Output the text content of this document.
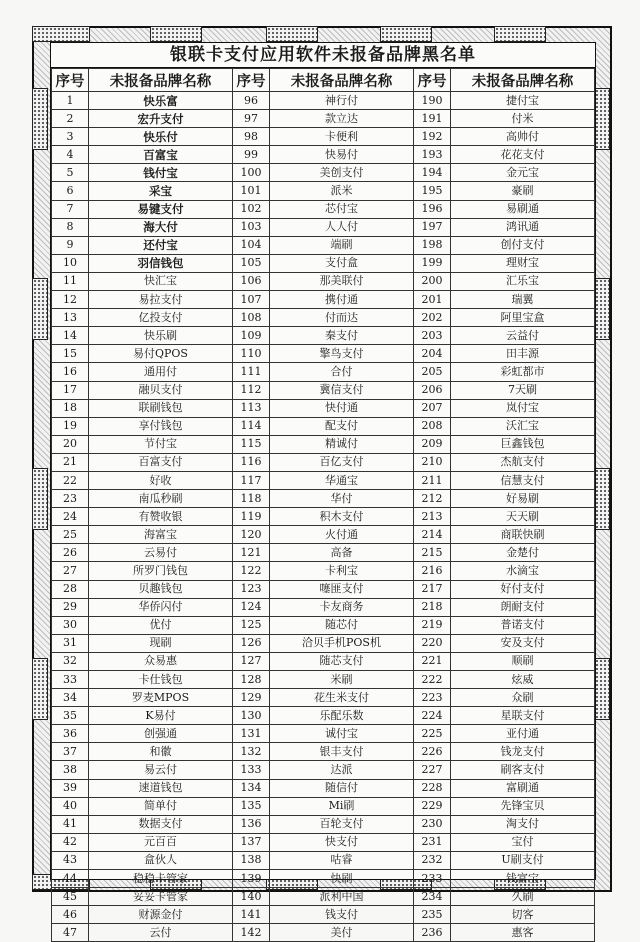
银联卡支付应用软件未报备品牌黑名单
序号	未报备品牌名称	序号	未报备品牌名称	序号	未报备品牌名称
1	快乐富	96	神行付	190	捷付宝
2	宏升支付	97	款立达	191	付米
3	快乐付	98	卡便利	192	高帅付
4	百富宝	99	快易付	193	花花支付
5	钱付宝	100	美创支付	194	金元宝
6	采宝	101	派米	195	豪刷
7	易键支付	102	芯付宝	196	易刷通
8	海大付	103	人人付	197	鸿讯通
9	还付宝	104	端刷	198	创付支付
10	羽信钱包	105	支付盒	199	理财宝
11	快汇宝	106	那美联付	200	汇乐宝
12	易拉支付	107	携付通	201	瑞翼
13	亿投支付	108	付而达	202	阿里宝盒
14	快乐刷	109	秦支付	203	云益付
15	易付QPOS	110	擎鸟支付	204	田丰源
16	通用付	111	合付	205	彩虹都市
17	融贝支付	112	冀信支付	206	7天刷
18	联刷钱包	113	快付通	207	岚付宝
19	享付钱包	114	配支付	208	沃汇宝
20	节付宝	115	精诚付	209	巨鑫钱包
21	百富支付	116	百亿支付	210	杰航支付
22	好收	117	华通宝	211	信慧支付
23	南瓜秒刷	118	华付	212	好易刷
24	有赞收银	119	积木支付	213	天天刷
25	海富宝	120	火付通	214	商联快刷
26	云易付	121	高备	215	金楚付
27	所罗门钱包	122	卡利宝	216	水滴宝
28	贝趣钱包	123	噻匪支付	217	好付支付
29	华侨闪付	124	卡友商务	218	朗耐支付
30	优付	125	随芯付	219	普诺支付
31	现刷	126	洽贝手机POS机	220	安及支付
32	众易惠	127	随芯支付	221	顺刷
33	卡仕钱包	128	米刷	222	炫威
34	罗麦MPOS	129	花生米支付	223	众刷
35	K易付	130	乐配乐数	224	星联支付
36	创强通	131	诚付宝	225	亚付通
37	和徽	132	银丰支付	226	钱龙支付
38	易云付	133	达派	227	刷客支付
39	速道钱包	134	随信付	228	富刷通
40	简单付	135	Mi刷	229	先锋宝贝
41	数据支付	136	百轮支付	230	淘支付
42	元百百	137	快支付	231	宝付
43	盒伙人	138	咕睿	232	U刷支付
44	稳稳卡管家	139	快刷	233	钱富宝
45	妥妥卡管家	140	派利中国	234	久刷
46	财源金付	141	钱支付	235	切客
47	云付	142	美付	236	惠客
